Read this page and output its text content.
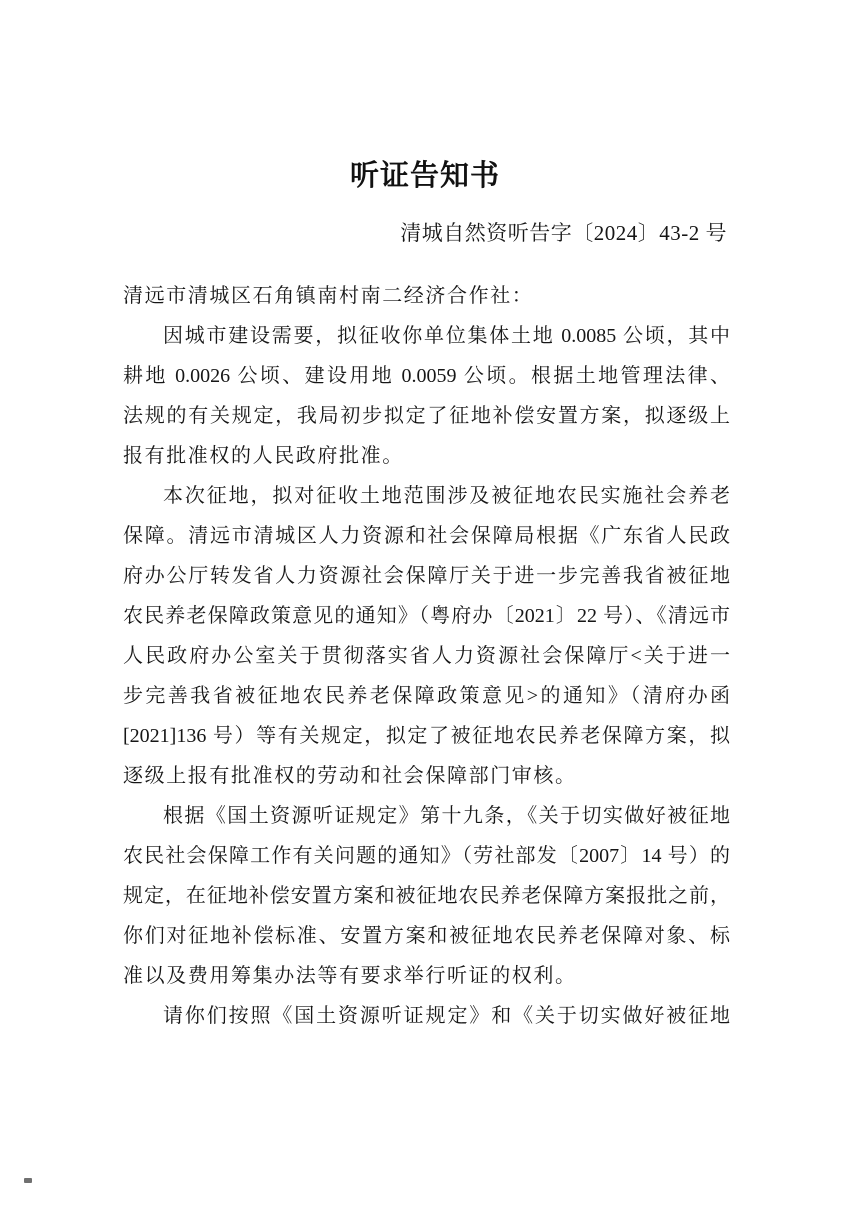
听证告知书
清城自然资听告字〔2024〕43-2 号
清远市清城区石角镇南村南二经济合作社：
因城市建设需要，拟征收你单位集体土地 0.0085 公顷，其中
耕地 0.0026 公顷、建设用地 0.0059 公顷。根据土地管理法律、
法规的有关规定，我局初步拟定了征地补偿安置方案，拟逐级上
报有批准权的人民政府批准。
本次征地，拟对征收土地范围涉及被征地农民实施社会养老
保障。清远市清城区人力资源和社会保障局根据《广东省人民政
府办公厅转发省人力资源社会保障厅关于进一步完善我省被征地
农民养老保障政策意见的通知》（粤府办〔2021〕22 号）、《清远市
人民政府办公室关于贯彻落实省人力资源社会保障厅<关于进一
步完善我省被征地农民养老保障政策意见>的通知》（清府办函
[2021]136 号）等有关规定，拟定了被征地农民养老保障方案，拟
逐级上报有批准权的劳动和社会保障部门审核。
根据《国土资源听证规定》第十九条，《关于切实做好被征地
农民社会保障工作有关问题的通知》（劳社部发〔2007〕14 号）的
规定，在征地补偿安置方案和被征地农民养老保障方案报批之前，
你们对征地补偿标准、安置方案和被征地农民养老保障对象、标
准以及费用筹集办法等有要求举行听证的权利。
请你们按照《国土资源听证规定》和《关于切实做好被征地
